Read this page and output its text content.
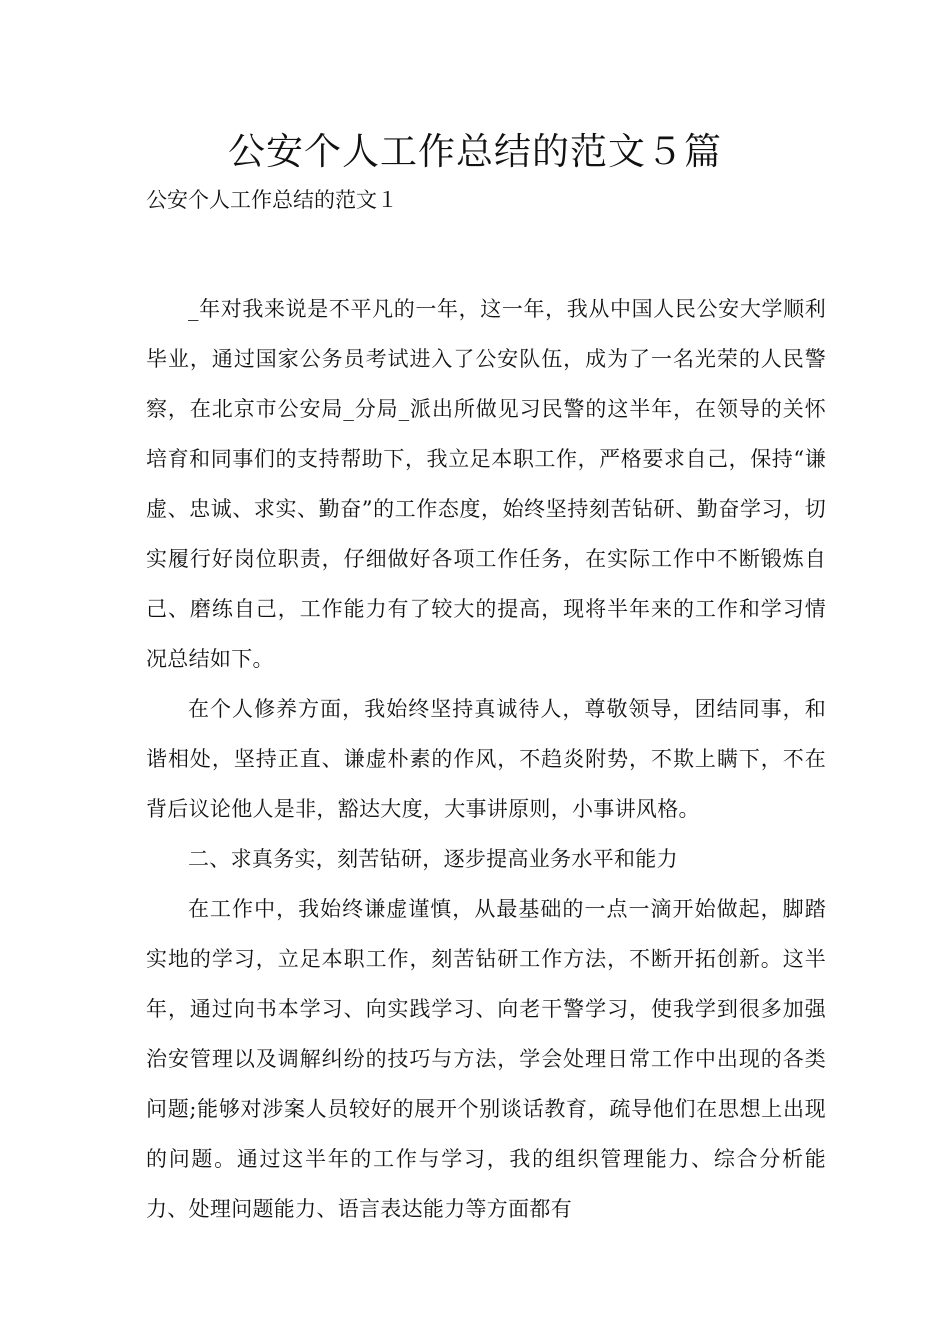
公安个人工作总结的范文５篇
公安个人工作总结的范文１

_年对我来说是不平凡的一年，这一年，我从中国人民公安大学顺利毕业，通过国家公务员考试进入了公安队伍，成为了一名光荣的人民警察，在北京市公安局_分局_派出所做见习民警的这半年，在领导的关怀培育和同事们的支持帮助下，我立足本职工作，严格要求自己，保持“谦虚、忠诚、求实、勤奋”的工作态度，始终坚持刻苦钻研、勤奋学习，切实履行好岗位职责，仔细做好各项工作任务，在实际工作中不断锻炼自己、磨练自己，工作能力有了较大的提高，现将半年来的工作和学习情况总结如下。

在个人修养方面，我始终坚持真诚待人，尊敬领导，团结同事，和谐相处，坚持正直、谦虚朴素的作风，不趋炎附势，不欺上瞒下，不在背后议论他人是非，豁达大度，大事讲原则，小事讲风格。

二、求真务实，刻苦钻研，逐步提高业务水平和能力

在工作中，我始终谦虚谨慎，从最基础的一点一滴开始做起，脚踏实地的学习，立足本职工作，刻苦钻研工作方法，不断开拓创新。这半年，通过向书本学习、向实践学习、向老干警学习，使我学到很多加强治安管理以及调解纠纷的技巧与方法，学会处理日常工作中出现的各类问题;能够对涉案人员较好的展开个别谈话教育，疏导他们在思想上出现的问题。通过这半年的工作与学习，我的组织管理能力、综合分析能力、处理问题能力、语言表达能力等方面都有
